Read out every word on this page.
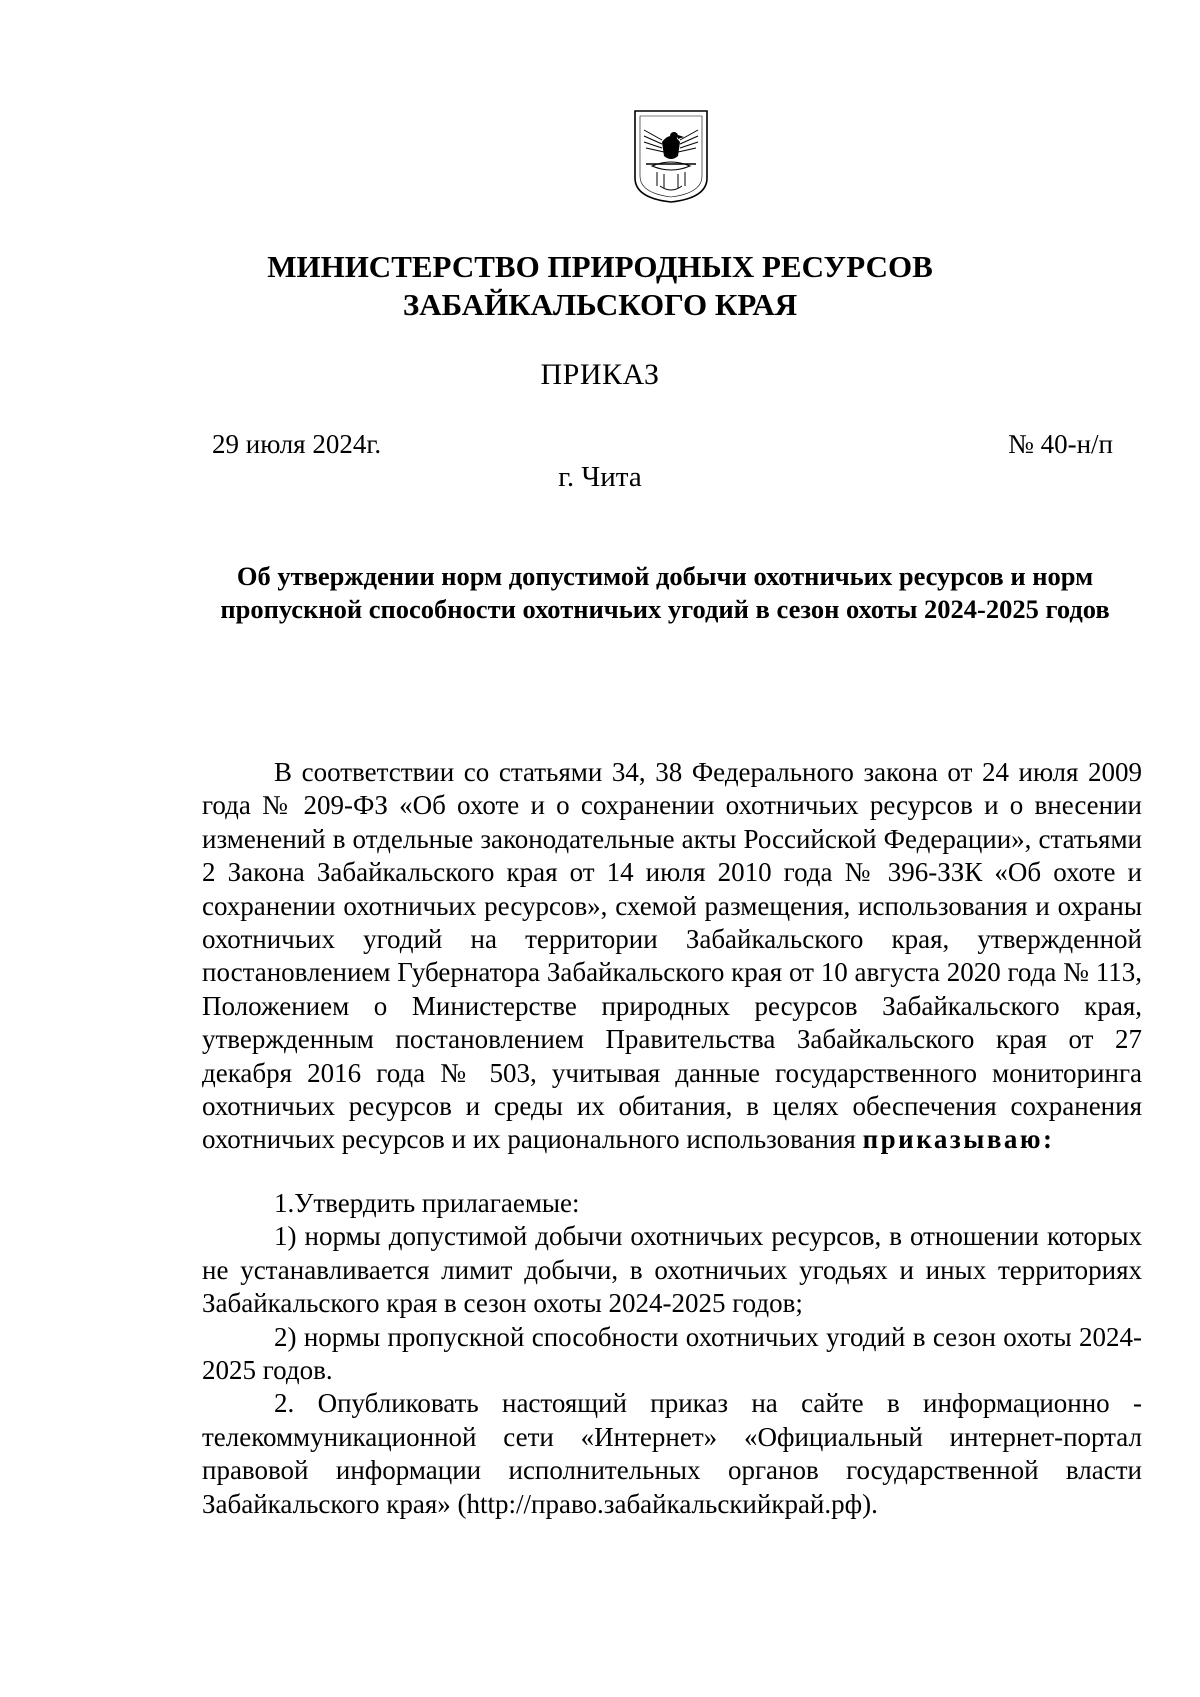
МИНИСТЕРСТВО ПРИРОДНЫХ РЕСУРСОВ
ЗАБАЙКАЛЬСКОГО КРАЯ
ПРИКАЗ
29 июля 2024г.	№ 40-н/п
г. Чита
Об утверждении норм допустимой добычи охотничьих ресурсов и норм пропускной способности охотничьих угодий в сезон охоты 2024-2025 годов

В соответствии со статьями 34, 38 Федерального закона от 24 июля 2009 года № 209-ФЗ «Об охоте и о сохранении охотничьих ресурсов и о внесении изменений в отдельные законодательные акты Российской Федерации», статьями 2 Закона Забайкальского края от 14 июля 2010 года № 396-ЗЗК «Об охоте и сохранении охотничьих ресурсов», схемой размещения, использования и охраны охотничьих угодий на территории Забайкальского края, утвержденной постановлением Губернатора Забайкальского края от 10 августа 2020 года № 113, Положением о Министерстве природных ресурсов Забайкальского края, утвержденным постановлением Правительства Забайкальского края от 27 декабря 2016 года № 503, учитывая данные государственного мониторинга охотничьих ресурсов и среды их обитания, в целях обеспечения сохранения охотничьих ресурсов и их рационального использования приказываю:

1.Утвердить прилагаемые:

1) нормы допустимой добычи охотничьих ресурсов, в отношении которых не устанавливается лимит добычи, в охотничьих угодьях и иных территориях Забайкальского края в сезон охоты 2024-2025 годов;

2) нормы пропускной способности охотничьих угодий в сезон охоты 2024-2025 годов.

2. Опубликовать настоящий приказ на сайте в информационно - телекоммуникационной сети «Интернет» «Официальный интернет-портал правовой информации исполнительных органов государственной власти Забайкальского края» (http://право.забайкальскийкрай.рф).
